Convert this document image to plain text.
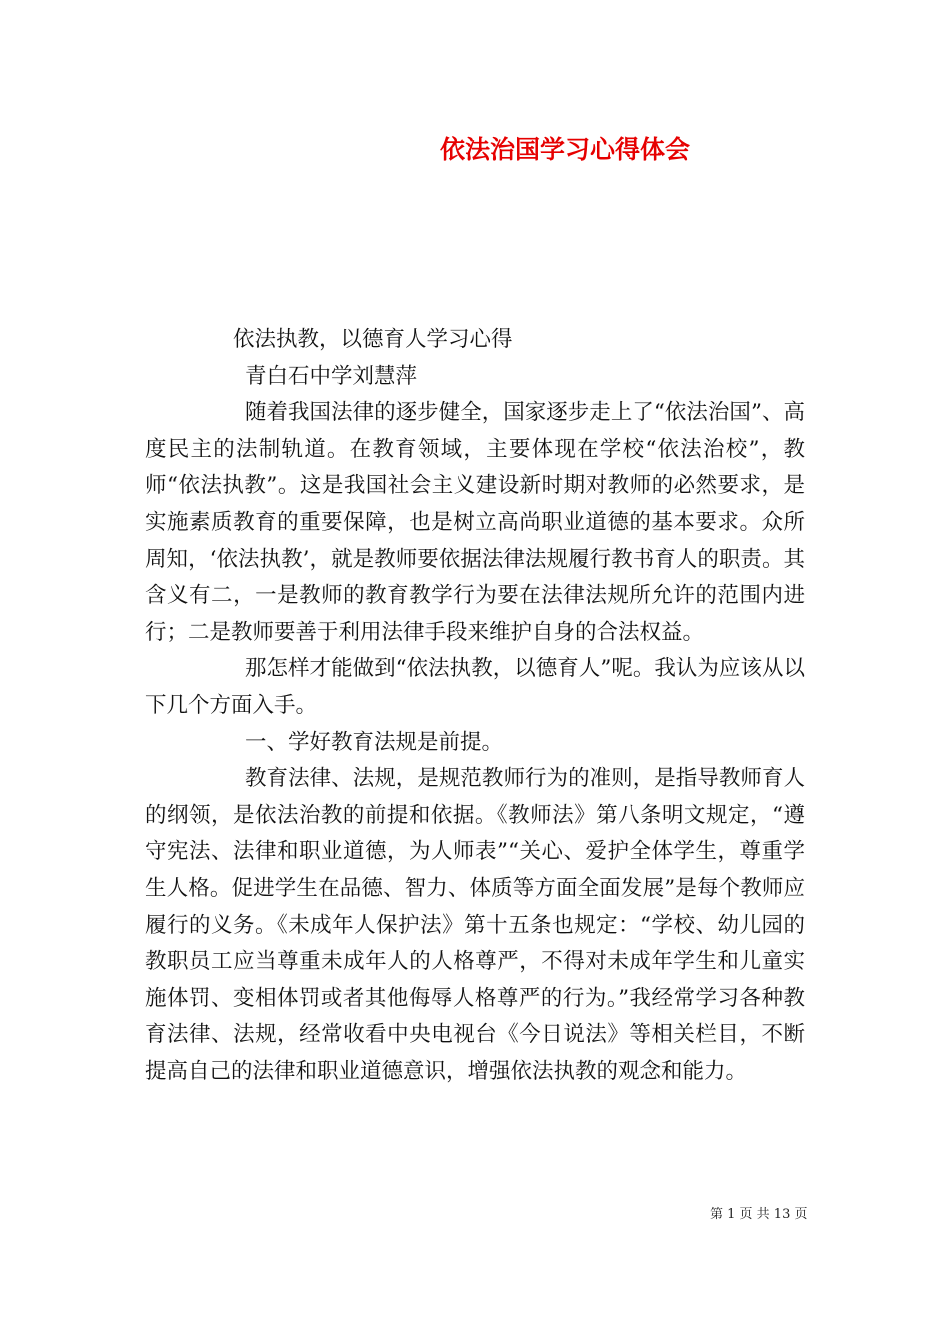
依法治国学习心得体会

依法执教，以德育人学习心得

青白石中学刘慧萍

随着我国法律的逐步健全，国家逐步走上了“依法治国”、高度民主的法制轨道。在教育领域，主要体现在学校“依法治校”，教师“依法执教”。这是我国社会主义建设新时期对教师的必然要求，是实施素质教育的重要保障，也是树立高尚职业道德的基本要求。众所周知，‘依法执教’，就是教师要依据法律法规履行教书育人的职责。其含义有二，一是教师的教育教学行为要在法律法规所允许的范围内进行；二是教师要善于利用法律手段来维护自身的合法权益。

那怎样才能做到“依法执教，以德育人”呢。我认为应该从以下几个方面入手。

一、学好教育法规是前提。

教育法律、法规，是规范教师行为的准则，是指导教师育人的纲领，是依法治教的前提和依据。《教师法》第八条明文规定，“遵守宪法、法律和职业道德，为人师表”“关心、爱护全体学生，尊重学生人格。促进学生在品德、智力、体质等方面全面发展”是每个教师应履行的义务。《未成年人保护法》第十五条也规定：“学校、幼儿园的教职员工应当尊重未成年人的人格尊严，不得对未成年学生和儿童实施体罚、变相体罚或者其他侮辱人格尊严的行为。”我经常学习各种教育法律、法规，经常收看中央电视台《今日说法》等相关栏目，不断提高自己的法律和职业道德意识，增强依法执教的观念和能力。

第 1 页 共 13 页
